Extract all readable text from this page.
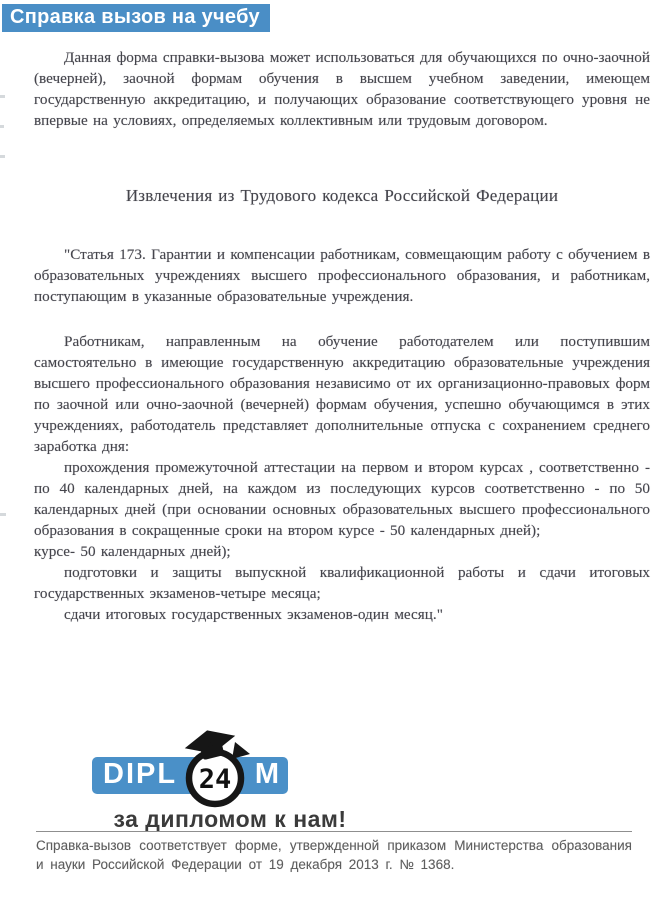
Справка вызов на учебу

Данная форма справки-вызова может использоваться для обучающихся по очно-заочной (вечерней), заочной формам обучения в высшем учебном заведении, имеющем государственную аккредитацию, и получающих образование соответствующего уровня не впервые на условиях, определяемых коллективным или трудовым договором.

Извлечения из Трудового кодекса Российской Федерации

"Статья 173. Гарантии и компенсации работникам, совмещающим работу с обучением в образовательных учреждениях высшего профессионального образования, и работникам, поступающим в указанные образовательные учреждения.

Работникам, направленным на обучение работодателем или поступившим самостоятельно в имеющие государственную аккредитацию образовательные учреждения высшего профессионального образования независимо от их организационно-правовых форм по заочной или очно-заочной (вечерней) формам обучения, успешно обучающимся в этих учреждениях, работодатель представляет дополнительные отпуска с сохранением среднего заработка дня:

прохождения промежуточной аттестации на первом и втором курсах , соответственно - по 40 календарных дней, на каждом из последующих курсов соответственно - по 50 календарных дней (при основании основных образовательных высшего профессионального образования в сокращенные сроки на втором курсе - 50 календарных дней);

курсе- 50 календарных дней);

подготовки и защиты выпускной квалификационной работы и сдачи итоговых государственных экзаменов-четыре месяца;

сдачи итоговых государственных экзаменов-один месяц."

DIPL	M
24
за дипломом к нам!
Справка-вызов соответствует форме, утвержденной приказом Министерства образования и науки Российской Федерации от 19 декабря 2013 г. № 1368.
